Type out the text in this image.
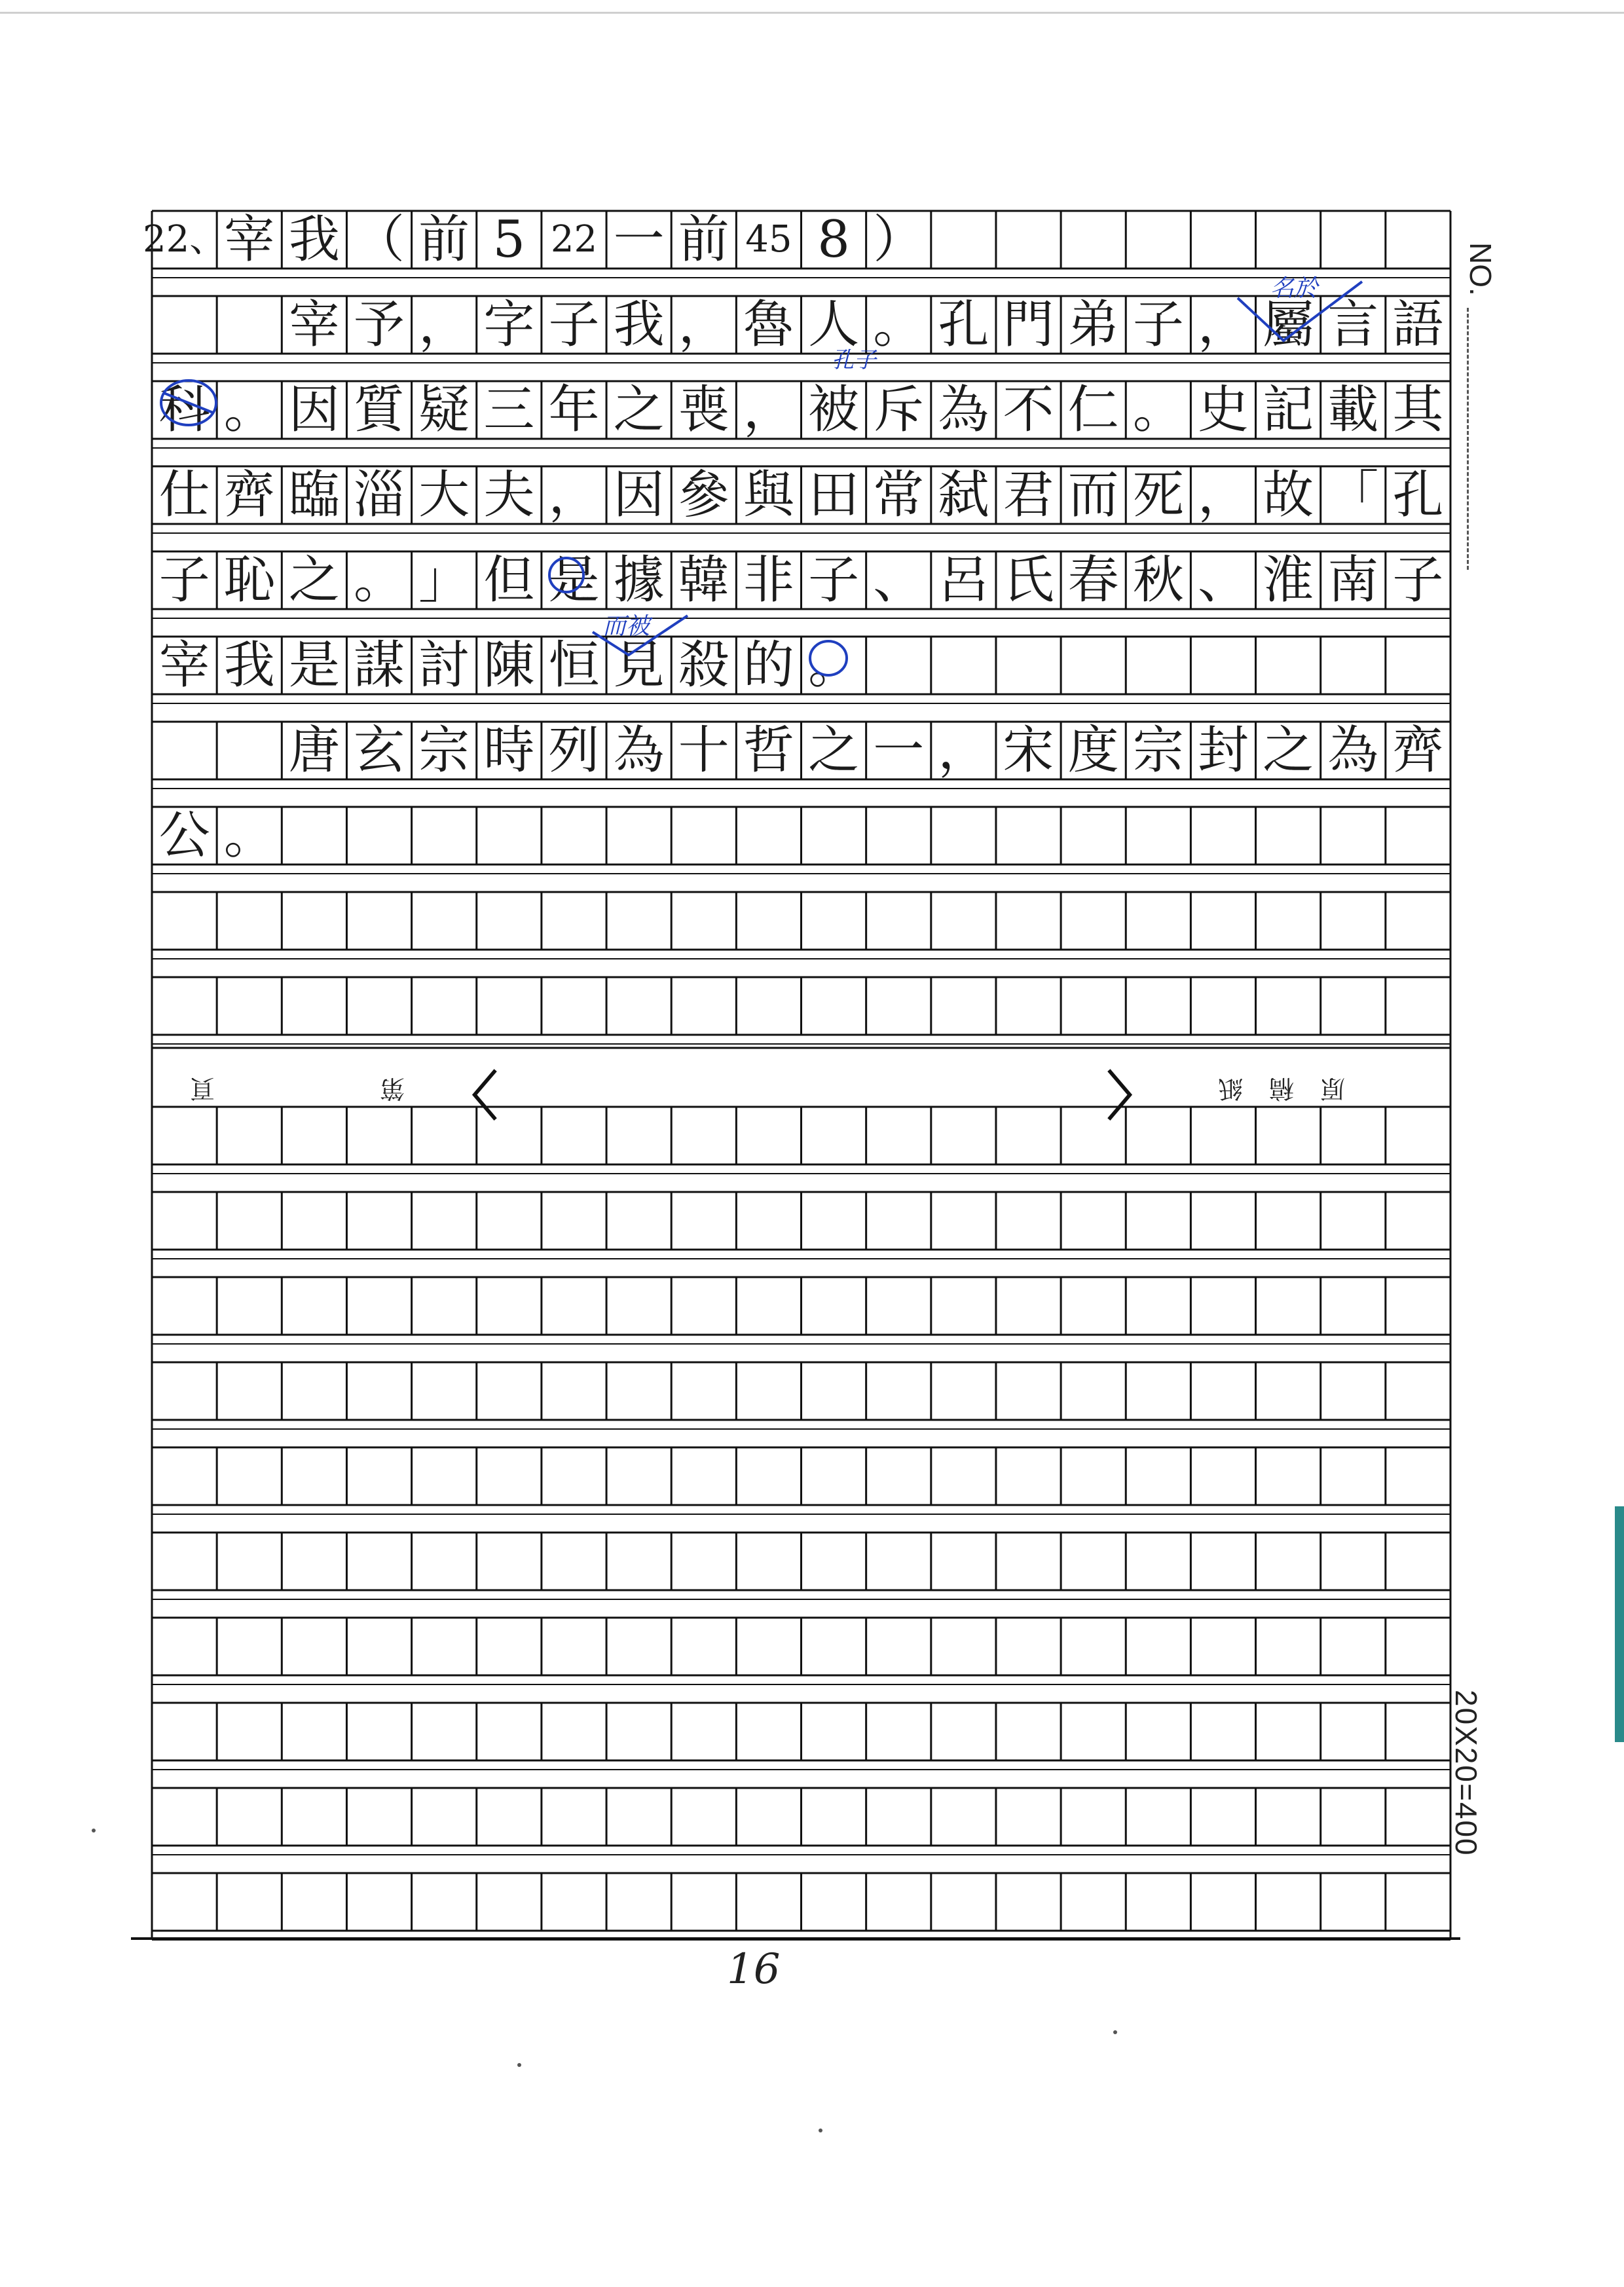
22、
宰 我 （ 前 5 22 一 前 45 8 ）
宰 予 ， 字 子 我 ， 魯 人 。 孔 門 弟 子 ， 屬 言 語
科 。 因 質 疑 三 年 之 喪 ， 被 斥 為 不 仁 。 史 記 載 其
仕 齊 臨 淄 大 夫 ， 因 參 與 田 常 弑 君 而 死 ， 故 「 孔
子 恥 之 。 」 但 是 據 韓 非 子 、 呂 氏 春 秋 、 淮 南 子
宰 我 是 謀 討 陳 恒 見 殺 的 。
唐 玄 宗 時 列 為 十 哲 之 一 ， 宋 度 宗 封 之 為 齊
公 。
NO.
20X20=400
頁	第 〈	〉 原稿紙
16
孔子
名於
而被
